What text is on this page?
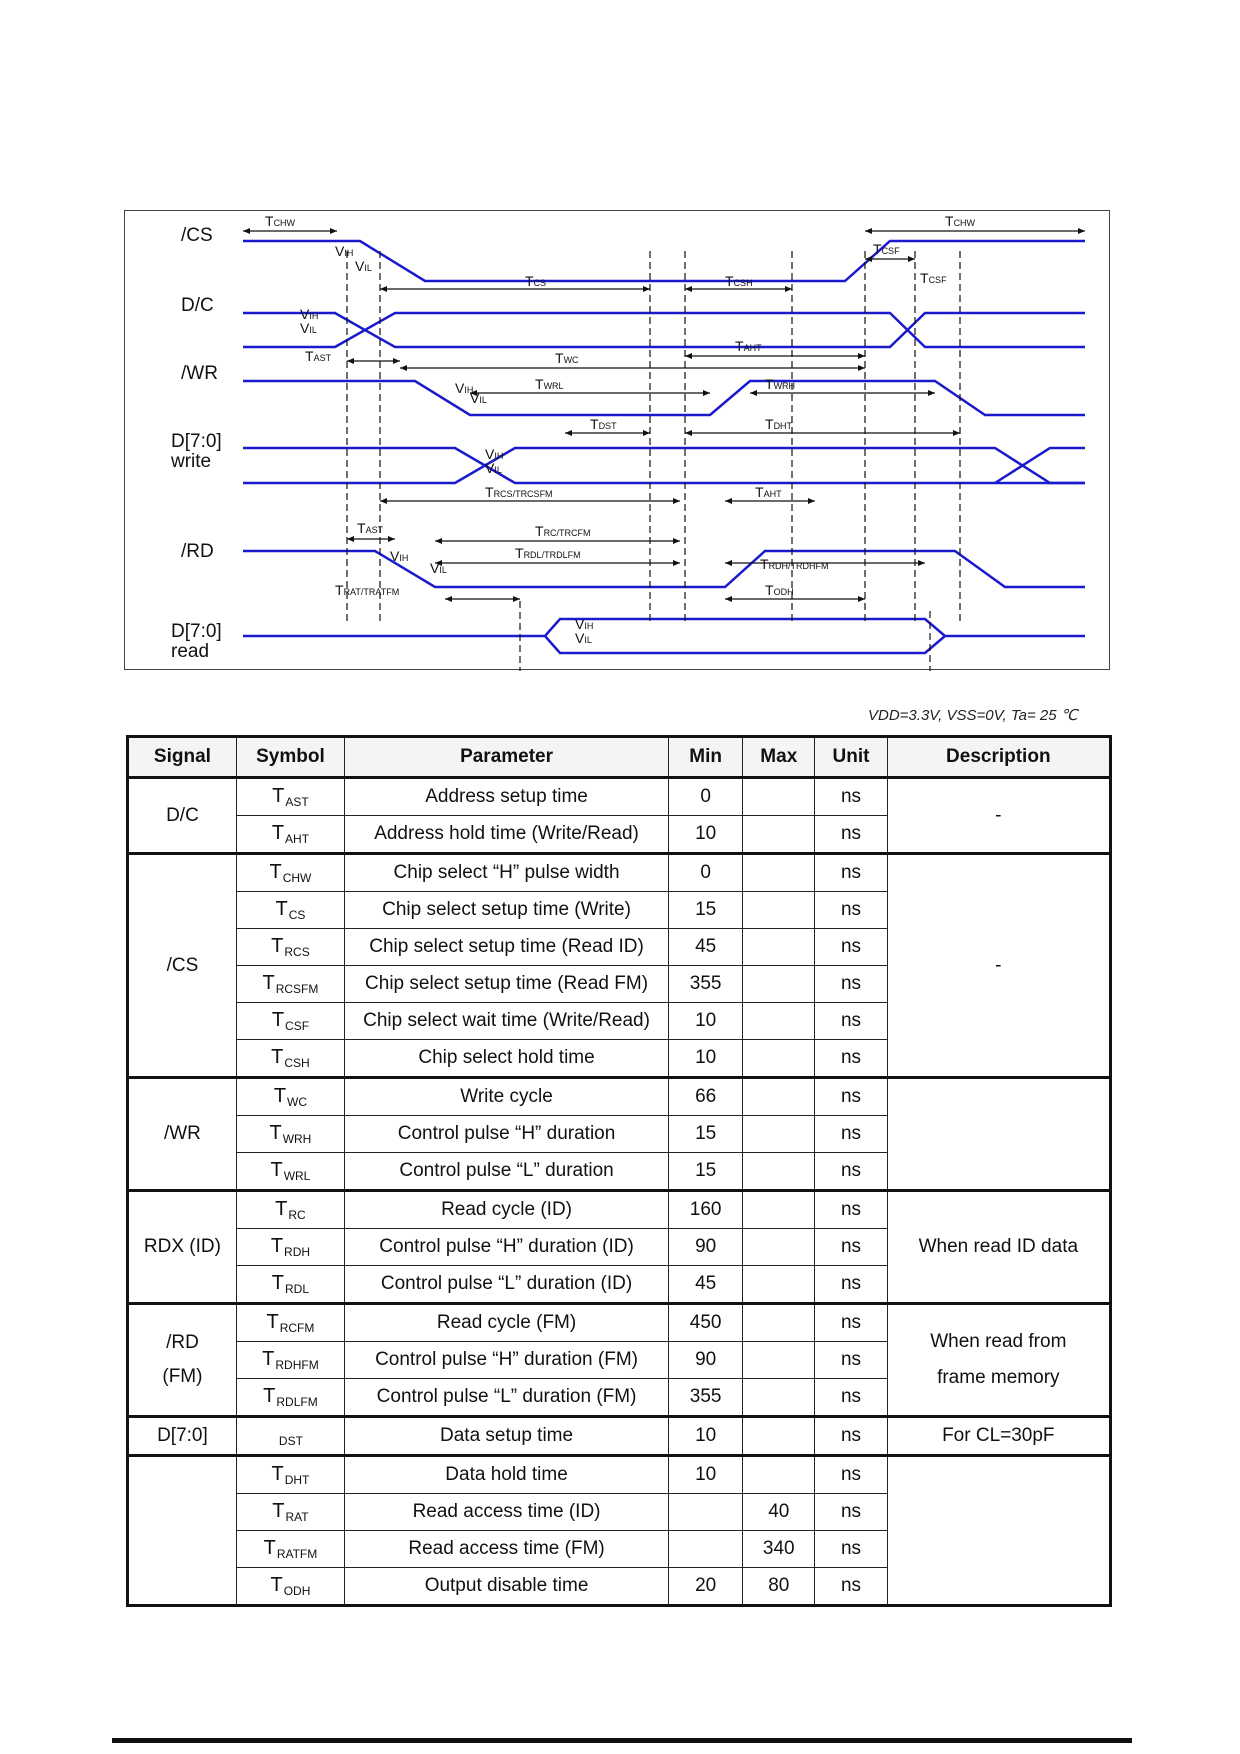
/CS
D/C
/WR
D[7:0]
write
/RD
D[7:0]
read
TCHW	TCHW
TCS	TCSH
TCSF
TCSF
TAST	TWC
TAHT
TWRL	TWRH
TDST	TDHT
TRCS/TRCSFM	TAHT
TAST	TRC/TRCFM
TRDL/TRDLFM
TRDH/TRDHFM
TRAT/TRATFM	TODH
VIH
VIL
VIH
VIL
VIH
VIL
VIH
VIL
VIH
VIL
VIH
VIL
VDD=3.3V, VSS=0V, Ta= 25 ℃
Signal	Symbol	Parameter	Min	Max	Unit	Description
D/C	$T_{AST}$	Address setup time	0		ns	-
	$T_{AHT}$	Address hold time (Write/Read)	10		ns	
/CS	$T_{CHW}$	Chip select “H” pulse width	0		ns	-
	$T_{CS}$	Chip select setup time (Write)	15		ns	
	$T_{RCS}$	Chip select setup time (Read ID)	45		ns	
	$T_{RCSFM}$	Chip select setup time (Read FM)	355		ns	
	$T_{CSF}$	Chip select wait time (Write/Read)	10		ns	
	$T_{CSH}$	Chip select hold time	10		ns	
/WR	$T_{WC}$	Write cycle	66		ns	
	$T_{WRH}$	Control pulse “H” duration	15		ns	
	$T_{WRL}$	Control pulse “L” duration	15		ns	
RDX (ID)	$T_{RC}$	Read cycle (ID)	160		ns	When read ID data
	$T_{RDH}$	Control pulse “H” duration (ID)	90		ns	
	$T_{RDL}$	Control pulse “L” duration (ID)	45		ns	
/RD
(FM)	$T_{RCFM}$	Read cycle (FM)	450		ns	When read from
frame memory
	$T_{RDHFM}$	Control pulse “H” duration (FM)	90		ns	
	$T_{RDLFM}$	Control pulse “L” duration (FM)	355		ns	
D[7:0]	$_{DST}$	Data setup time	10		ns	For CL=30pF
	$T_{DHT}$	Data hold time	10		ns	
	$T_{RAT}$	Read access time (ID)		40	ns	
	$T_{RATFM}$	Read access time (FM)		340	ns	
	$T_{ODH}$	Output disable time	20	80	ns	
